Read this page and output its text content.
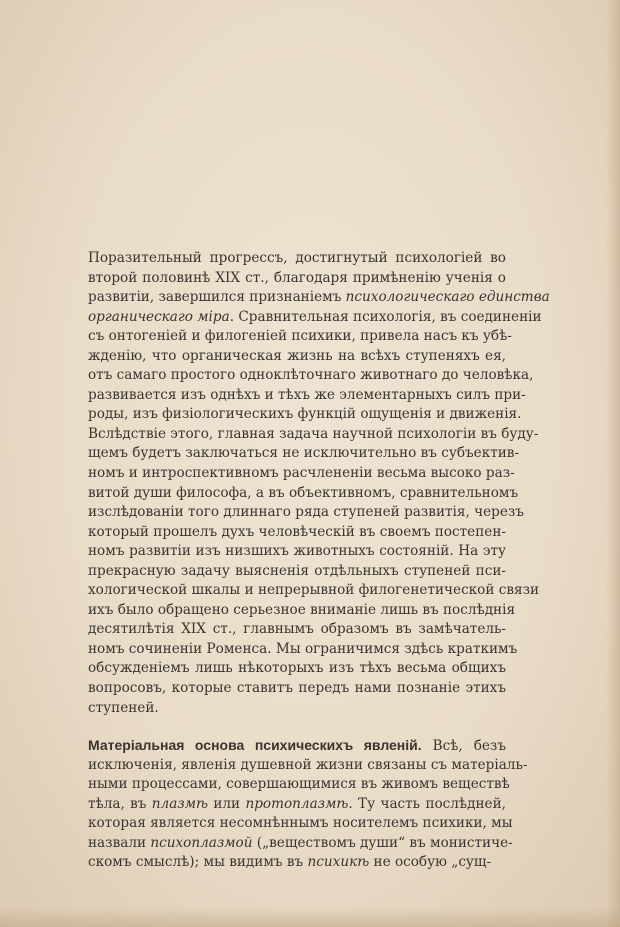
Поразительный прогрессъ, достигнутый психологiей во
второй половинѣ XIX ст., благодаря примѣненiю ученiя о
развитiи, завершился признанiемъ психологическаго единства
органическаго мiра. Сравнительная психологiя, въ соединенiи
съ онтогенiей и филогенiей психики, привела насъ къ убѣ-
жденiю, что органическая жизнь на всѣхъ ступеняхъ ея,
отъ самаго простого одноклѣточнаго животнаго до человѣка,
развивается изъ однѣхъ и тѣхъ же элементарныхъ силъ при-
роды, изъ физiологическихъ функцiй ощущенiя и движенiя.
Вслѣдствiе этого, главная задача научной психологiи въ буду-
щемъ будетъ заключаться не исключительно въ субъектив-
номъ и интроспективномъ расчлененiи весьма высоко раз-
витой души философа, а въ объективномъ, сравнительномъ
изслѣдованiи того длиннаго ряда ступеней развитiя, черезъ
который прошелъ духъ человѣческiй въ своемъ постепен-
номъ развитiи изъ низшихъ животныхъ состоянiй. На эту
прекрасную задачу выясненiя отдѣльныхъ ступеней пси-
хологической шкалы и непрерывной филогенетической связи
ихъ было обращено серьезное вниманiе лишь въ послѣднiя
десятилѣтiя XIX ст., главнымъ образомъ въ замѣчатель-
номъ сочиненiи Роменса. Мы ограничимся здѣсь краткимъ
обсужденiемъ лишь нѣкоторыхъ изъ тѣхъ весьма общихъ
вопросовъ, которые ставитъ передъ нами познанiе этихъ
ступеней.
Матерiальная основа психическихъ явленiй. Всѣ, безъ
исключенiя, явленiя душевной жизни связаны съ матерiаль-
ными процессами, совершающимися въ живомъ веществѣ
тѣла, въ плазмѣ или протоплазмѣ. Ту часть послѣдней,
которая является несомнѣннымъ носителемъ психики, мы
назвали психоплазмой („веществомъ души“ въ монистиче-
скомъ смыслѣ); мы видимъ въ психикѣ не особую „сущ-
